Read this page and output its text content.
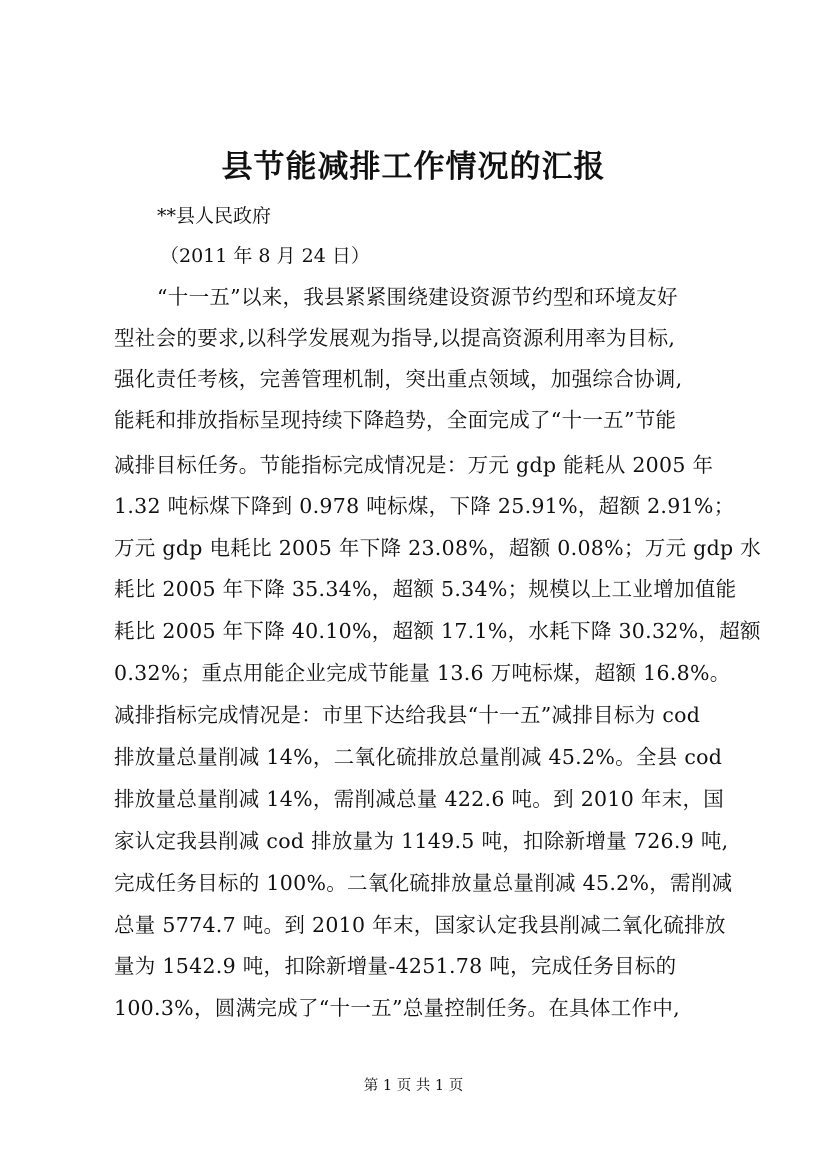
县节能减排工作情况的汇报
**县人民政府
（2011 年 8 月 24 日）
“十一五”以来，我县紧紧围绕建设资源节约型和环境友好
型社会的要求,以科学发展观为指导,以提高资源利用率为目标,
强化责任考核，完善管理机制，突出重点领域，加强综合协调,
能耗和排放指标呈现持续下降趋势，全面完成了“十一五”节能
减排目标任务。节能指标完成情况是：万元 gdp 能耗从 2005 年
1.32 吨标煤下降到 0.978 吨标煤，下降 25.91%，超额 2.91%；
万元 gdp 电耗比 2005 年下降 23.08%，超额 0.08%；万元 gdp 水
耗比 2005 年下降 35.34%，超额 5.34%；规模以上工业增加值能
耗比 2005 年下降 40.10%，超额 17.1%，水耗下降 30.32%，超额
0.32%；重点用能企业完成节能量 13.6 万吨标煤，超额 16.8%。
减排指标完成情况是：市里下达给我县“十一五”减排目标为 cod
排放量总量削减 14%，二氧化硫排放总量削减 45.2%。全县 cod
排放量总量削减 14%，需削减总量 422.6 吨。到 2010 年末，国
家认定我县削减 cod 排放量为 1149.5 吨，扣除新增量 726.9 吨,
完成任务目标的 100%。二氧化硫排放量总量削减 45.2%，需削减
总量 5774.7 吨。到 2010 年末，国家认定我县削减二氧化硫排放
量为 1542.9 吨，扣除新增量-4251.78 吨，完成任务目标的
100.3%，圆满完成了“十一五”总量控制任务。在具体工作中,
第 1 页 共 1 页
